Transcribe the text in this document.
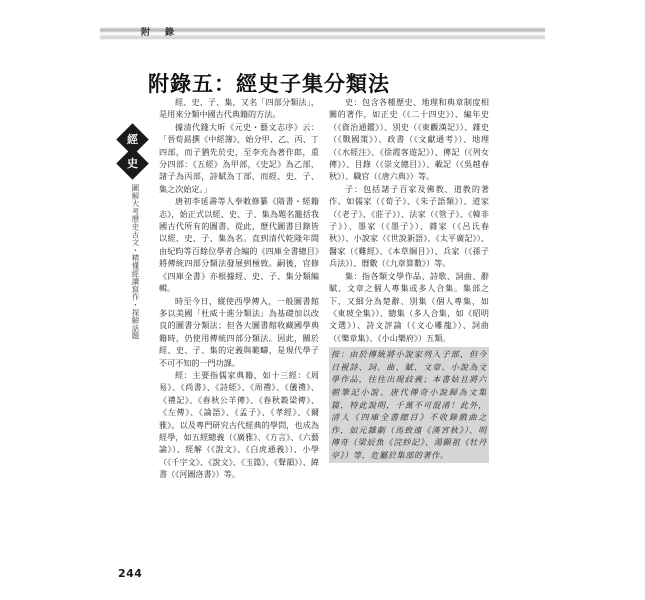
附　錄
附錄五：經史子集分類法
經
史
圖解大考歷史古文・精懂經讀寫作・探解話題

經、史、子、集，又名「四部分類法」，是用來分類中國古代典籍的方法。

據清代錢大昕《元史・藝文志序》云：「晉荀勗撰《中經簿》，始分甲、乙、丙、丁四部，而子猶先於史，至李充為著作郎，重分四部：《五經》為甲部，《史記》為乙部，諸子為丙部，詩賦為丁部，而經、史、子、集之次始定。」

唐初李延壽等人奉敕修纂《隋書・經籍志》，始正式以經、史、子、集為題名籠括我國古代所有的圖書。從此，歷代圖書目錄皆以經、史、子、集為名。直到清代乾隆年間由紀昀等百餘位學者合編的《四庫全書總目》將傳統四部分類法發展到極致。嗣後，官修《四庫全書》亦根據經、史、子、集分類編輯。

時至今日，縱使西學傳入，一般圖書館多以美國「杜威十進分類法」為基礎加以改良的圖書分類法；但各大圖書館收藏國學典籍時，仍使用傳統四部分類法。因此，關於經、史、子、集的定義與範疇，是現代學子不可不知的一門功課。

經：主要指儒家典籍，如十三經：《周易》、《尚書》、《詩經》、《周禮》、《儀禮》、《禮記》、《春秋公羊傳》、《春秋穀梁傳》、《左傳》、《論語》、《孟子》、《孝經》、《爾雅》。以及專門研究古代經典的學問，也成為經學，如五經總義（《廣雅》、《方言》、《六藝論》）、經解（《說文》、《白虎通義》）、小學（《千字文》、《說文》、《玉篇》、《聲韻》）、緯書（《河圖洛書》）等。

史：包含各種歷史、地理和典章制度相關的著作，如正史（《二十四史》）、編年史（《資治通鑑》）、別史（《東觀漢記》）、雜史（《戰國策》）、政書（《文獻通考》）、地理（《水經注》、《徐霞客遊記》）、傳記（《列女傳》）、目錄（《崇文總目》）、載記（《吳越春秋》）、職官（《唐六典》）等。

子：包括諸子百家及佛教、道教的著作。如儒家（《荀子》、《朱子語類》）、道家（《老子》、《莊子》）、法家（《管子》、《韓非子》）、墨家（《墨子》）、雜家（《呂氏春秋》）、小說家（《世說新語》、《太平廣記》）、醫家（《難經》、《本草綱目》）、兵家（《孫子兵法》）、曆數（《九章算數》）等。

集：指各類文學作品、詩歌、詞曲、辭賦、文章之個人專集或多人合集。集部之下，又細分為楚辭、別集（個人專集，如《東坡全集》）、總集（多人合集，如《昭明文選》）、詩文評論（《文心雕龍》）、詞曲（《樂章集》、《小山樂府》）五類。

按：由於傳統將小說家列入子部，但今日視詩、詞、曲、賦、文章、小說為文學作品，往往出現歧義；本書姑且將六朝筆記小說、唐代傳奇小說歸為文集篇，特此說明，千萬不可混淆！此外，清人《四庫全書總目》不收錄戲曲之作，如元雜劇（馬致遠《漢宮秋》）、明傳奇（梁辰魚《浣紗記》、湯顯祖《牡丹亭》）等，危屬於集部的著作。

244
